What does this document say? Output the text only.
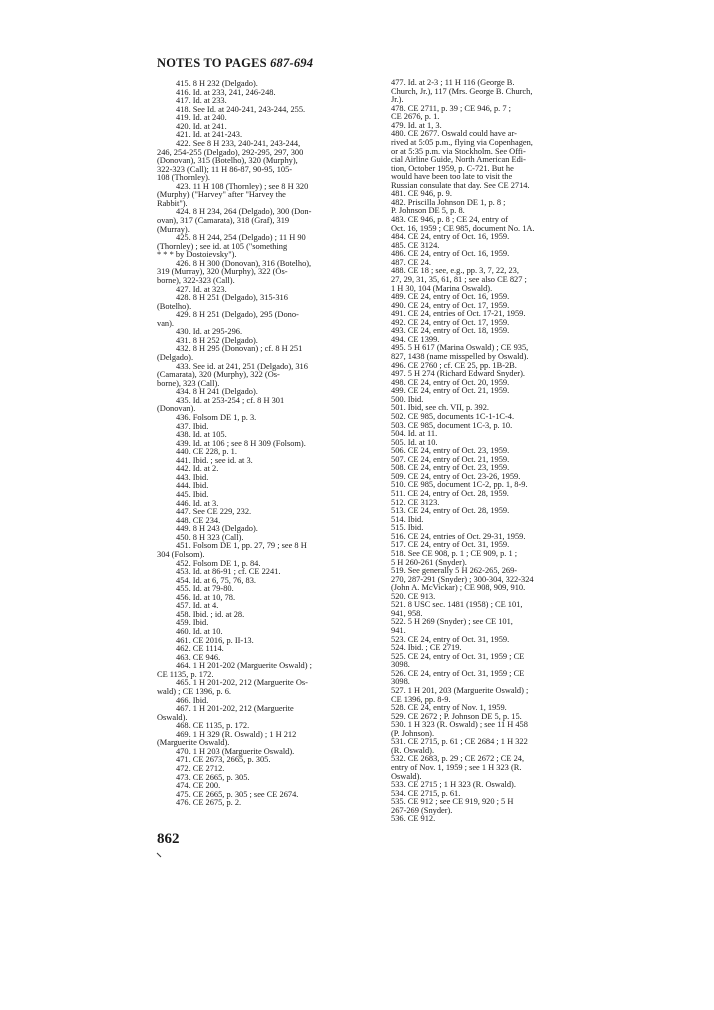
NOTES TO PAGES 687-694
415. 8 H 232 (Delgado).
416. Id. at 233, 241, 246-248.
417. Id. at 233.
418. See Id. at 240-241, 243-244, 255.
419. Id. at 240.
420. Id. at 241.
421. Id. at 241-243.
422. See 8 H 233, 240-241, 243-244,
246, 254-255 (Delgado), 292-295, 297, 300
(Donovan), 315 (Botelho), 320 (Murphy),
322-323 (Call); 11 H 86-87, 90-95, 105-
108 (Thornley).
423. 11 H 108 (Thornley) ; see 8 H 320
(Murphy) ("Harvey" after "Harvey the
Rabbit").
424. 8 H 234, 264 (Delgado), 300 (Don-
ovan), 317 (Camarata), 318 (Graf), 319
(Murray).
425. 8 H 244, 254 (Delgado) ; 11 H 90
(Thornley) ; see id. at 105 ("something
* * * by Dostoievsky").
426. 8 H 300 (Donovan), 316 (Botelho),
319 (Murray), 320 (Murphy), 322 (Os-
borne), 322-323 (Call).
427. Id. at 323.
428. 8 H 251 (Delgado), 315-316
(Botelho).
429. 8 H 251 (Delgado), 295 (Dono-
van).
430. Id. at 295-296.
431. 8 H 252 (Delgado).
432. 8 H 295 (Donovan) ; cf. 8 H 251
(Delgado).
433. See id. at 241, 251 (Delgado), 316
(Camarata), 320 (Murphy), 322 (Os-
borne), 323 (Call).
434. 8 H 241 (Delgado).
435. Id. at 253-254 ; cf. 8 H 301
(Donovan).
436. Folsom DE 1, p. 3.
437. Ibid.
438. Id. at 105.
439. Id. at 106 ; see 8 H 309 (Folsom).
440. CE 228, p. 1.
441. Ibid. ; see id. at 3.
442. Id. at 2.
443. Ibid.
444. Ibid.
445. Ibid.
446. Id. at 3.
447. See CE 229, 232.
448. CE 234.
449. 8 H 243 (Delgado).
450. 8 H 323 (Call).
451. Folsom DE 1, pp. 27, 79 ; see 8 H
304 (Folsom).
452. Folsom DE 1, p. 84.
453. Id. at 86-91 ; cf. CE 2241.
454. Id. at 6, 75, 76, 83.
455. Id. at 79-80.
456. Id. at 10, 78.
457. Id. at 4.
458. Ibid. ; id. at 28.
459. Ibid.
460. Id. at 10.
461. CE 2016, p. II-13.
462. CE 1114.
463. CE 946.
464. 1 H 201-202 (Marguerite Oswald) ;
CE 1135, p. 172.
465. 1 H 201-202, 212 (Marguerite Os-
wald) ; CE 1396, p. 6.
466. Ibid.
467. 1 H 201-202, 212 (Marguerite
Oswald).
468. CE 1135, p. 172.
469. 1 H 329 (R. Oswald) ; 1 H 212
(Marguerite Oswald).
470. 1 H 203 (Marguerite Oswald).
471. CE 2673, 2665, p. 305.
472. CE 2712.
473. CE 2665, p. 305.
474. CE 200.
475. CE 2665, p. 305 ; see CE 2674.
476. CE 2675, p. 2.
477. Id. at 2-3 ; 11 H 116 (George B.
Church, Jr.), 117 (Mrs. George B. Church,
Jr.).
478. CE 2711, p. 39 ; CE 946, p. 7 ;
CE 2676, p. 1.
479. Id. at 1, 3.
480. CE 2677. Oswald could have ar-
rived at 5:05 p.m., flying via Copenhagen,
or at 5:35 p.m. via Stockholm. See Offi-
cial Airline Guide, North American Edi-
tion, October 1959, p. C-721. But he
would have been too late to visit the
Russian consulate that day. See CE 2714.
481. CE 946, p. 9.
482. Priscilla Johnson DE 1, p. 8 ;
P. Johnson DE 5, p. 8.
483. CE 946, p. 8 ; CE 24, entry of
Oct. 16, 1959 ; CE 985, document No. 1A.
484. CE 24, entry of Oct. 16, 1959.
485. CE 3124.
486. CE 24, entry of Oct. 16, 1959.
487. CE 24.
488. CE 18 ; see, e.g., pp. 3, 7, 22, 23,
27, 29, 31, 35, 61, 81 ; see also CE 827 ;
1 H 30, 104 (Marina Oswald).
489. CE 24, entry of Oct. 16, 1959.
490. CE 24, entry of Oct. 17, 1959.
491. CE 24, entries of Oct. 17-21, 1959.
492. CE 24, entry of Oct. 17, 1959.
493. CE 24, entry of Oct. 18, 1959.
494. CE 1399.
495. 5 H 617 (Marina Oswald) ; CE 935,
827, 1438 (name misspelled by Oswald).
496. CE 2760 ; cf. CE 25, pp. 1B-2B.
497. 5 H 274 (Richard Edward Snyder).
498. CE 24, entry of Oct. 20, 1959.
499. CE 24, entry of Oct. 21, 1959.
500. Ibid.
501. Ibid, see ch. VII, p. 392.
502. CE 985, documents 1C-1-1C-4.
503. CE 985, document 1C-3, p. 10.
504. Id. at 11.
505. Id. at 10.
506. CE 24, entry of Oct. 23, 1959.
507. CE 24, entry of Oct. 21, 1959.
508. CE 24, entry of Oct. 23, 1959.
509. CE 24, entry of Oct. 23-26, 1959.
510. CE 985, document 1C-2, pp. 1, 8-9.
511. CE 24, entry of Oct. 28, 1959.
512. CE 3123.
513. CE 24, entry of Oct. 28, 1959.
514. Ibid.
515. Ibid.
516. CE 24, entries of Oct. 29-31, 1959.
517. CE 24, entry of Oct. 31, 1959.
518. See CE 908, p. 1 ; CE 909, p. 1 ;
5 H 260-261 (Snyder).
519. See generally 5 H 262-265, 269-
270, 287-291 (Snyder) ; 300-304, 322-324
(John A. McVickar) ; CE 908, 909, 910.
520. CE 913.
521. 8 USC sec. 1481 (1958) ; CE 101,
941, 958.
522. 5 H 269 (Snyder) ; see CE 101,
941.
523. CE 24, entry of Oct. 31, 1959.
524. Ibid. ; CE 2719.
525. CE 24, entry of Oct. 31, 1959 ; CE
3098.
526. CE 24, entry of Oct. 31, 1959 ; CE
3098.
527. 1 H 201, 203 (Marguerite Oswald) ;
CE 1396, pp. 8-9.
528. CE 24, entry of Nov. 1, 1959.
529. CE 2672 ; P. Johnson DE 5, p. 15.
530. 1 H 323 (R. Oswald) ; see 11 H 458
(P. Johnson).
531. CE 2715, p. 61 ; CE 2684 ; 1 H 322
(R. Oswald).
532. CE 2683, p. 29 ; CE 2672 ; CE 24,
entry of Nov. 1, 1959 ; see 1 H 323 (R.
Oswald).
533. CE 2715 ; 1 H 323 (R. Oswald).
534. CE 2715, p. 61.
535. CE 912 ; see CE 919, 920 ; 5 H
267-269 (Snyder).
536. CE 912.
862
